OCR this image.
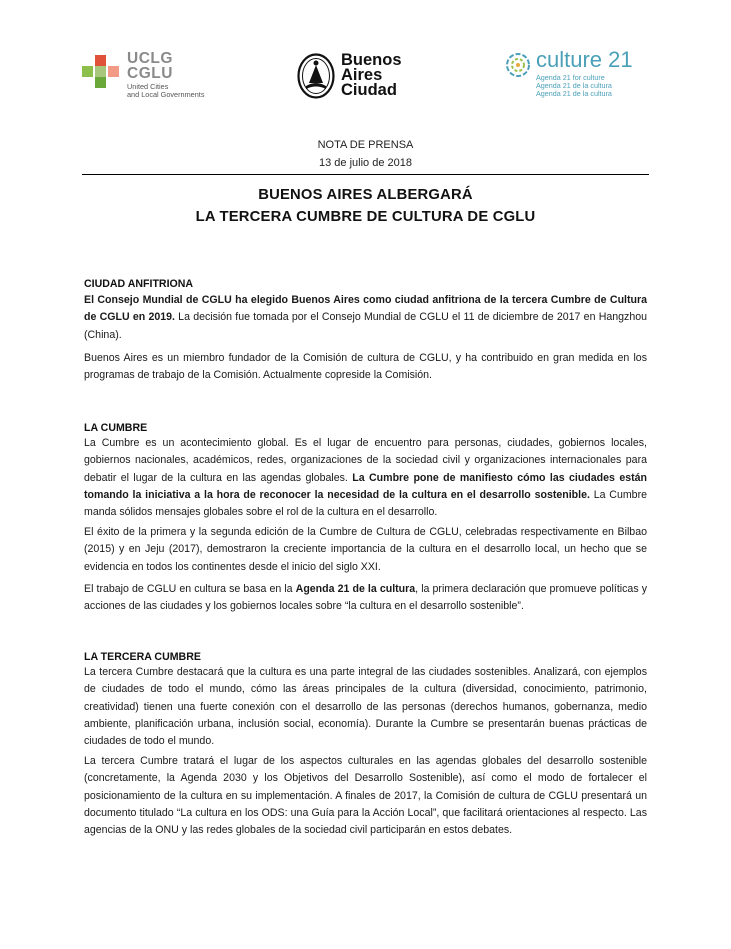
UCLG
CGLU
United Cities
and Local Governments
Buenos
Aires
Ciudad
culture 21
Agenda 21 for culture
Agenda 21 de la cultura
Agenda 21 de la cultura
NOTA DE PRENSA
13 de julio de 2018
BUENOS AIRES ALBERGARÁ
LA TERCERA CUMBRE DE CULTURA DE CGLU
CIUDAD ANFITRIONA

El Consejo Mundial de CGLU ha elegido Buenos Aires como ciudad anfitriona de la tercera Cumbre de Cultura de CGLU en 2019. La decisión fue tomada por el Consejo Mundial de CGLU el 11 de diciembre de 2017 en Hangzhou (China).

Buenos Aires es un miembro fundador de la Comisión de cultura de CGLU, y ha contribuido en gran medida en los programas de trabajo de la Comisión. Actualmente copreside la Comisión.

LA CUMBRE

La Cumbre es un acontecimiento global. Es el lugar de encuentro para personas, ciudades, gobiernos locales, gobiernos nacionales, académicos, redes, organizaciones de la sociedad civil y organizaciones internacionales para debatir el lugar de la cultura en las agendas globales. La Cumbre pone de manifiesto cómo las ciudades están tomando la iniciativa a la hora de reconocer la necesidad de la cultura en el desarrollo sostenible. La Cumbre manda sólidos mensajes globales sobre el rol de la cultura en el desarrollo.

El éxito de la primera y la segunda edición de la Cumbre de Cultura de CGLU, celebradas respectivamente en Bilbao (2015) y en Jeju (2017), demostraron la creciente importancia de la cultura en el desarrollo local, un hecho que se evidencia en todos los continentes desde el inicio del siglo XXI.

El trabajo de CGLU en cultura se basa en la Agenda 21 de la cultura, la primera declaración que promueve políticas y acciones de las ciudades y los gobiernos locales sobre “la cultura en el desarrollo sostenible”.

LA TERCERA CUMBRE

La tercera Cumbre destacará que la cultura es una parte integral de las ciudades sostenibles. Analizará, con ejemplos de ciudades de todo el mundo, cómo las áreas principales de la cultura (diversidad, conocimiento, patrimonio, creatividad) tienen una fuerte conexión con el desarrollo de las personas (derechos humanos, gobernanza, medio ambiente, planificación urbana, inclusión social, economía). Durante la Cumbre se presentarán buenas prácticas de ciudades de todo el mundo.

La tercera Cumbre tratará el lugar de los aspectos culturales en las agendas globales del desarrollo sostenible (concretamente, la Agenda 2030 y los Objetivos del Desarrollo Sostenible), así como el modo de fortalecer el posicionamiento de la cultura en su implementación. A finales de 2017, la Comisión de cultura de CGLU presentará un documento titulado “La cultura en los ODS: una Guía para la Acción Local”, que facilitará orientaciones al respecto. Las agencias de la ONU y las redes globales de la sociedad civil participarán en estos debates.
